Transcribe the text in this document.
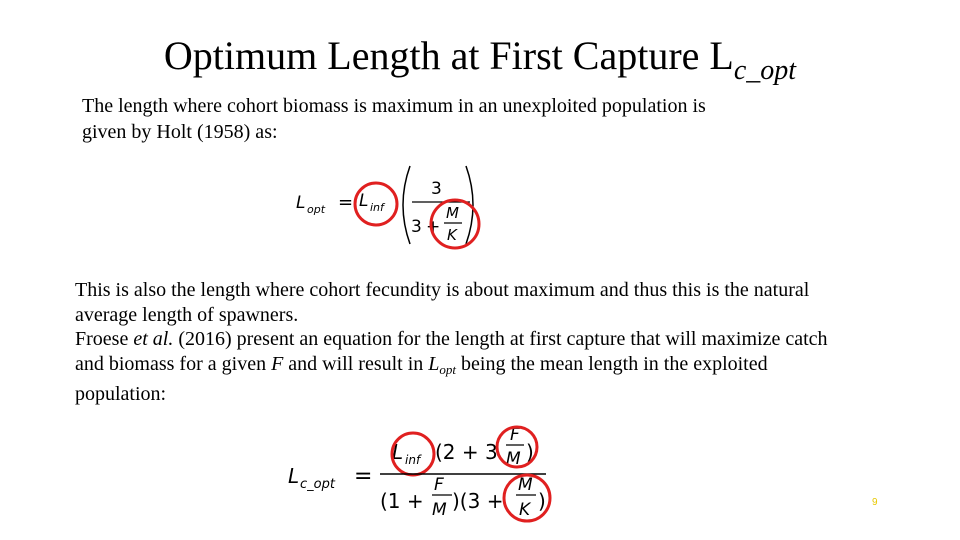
Optimum Length at First Capture $L_{c\_opt}$
The length where cohort biomass is maximum in an unexploited population is given by Holt (1958) as:
L opt = L inf
3
3 +
M
K
This is also the length where cohort fecundity is about maximum and thus this is the natural average length of spawners.
Froese et al. (2016) present an equation for the length at first capture that will maximize catch and biomass for a given F and will result in $L_{opt}$ being the mean length in the exploited population:
L c_opt =
L inf (2 + 3
F
M )
(1 +
F
M )(3 +
M
K )	9
